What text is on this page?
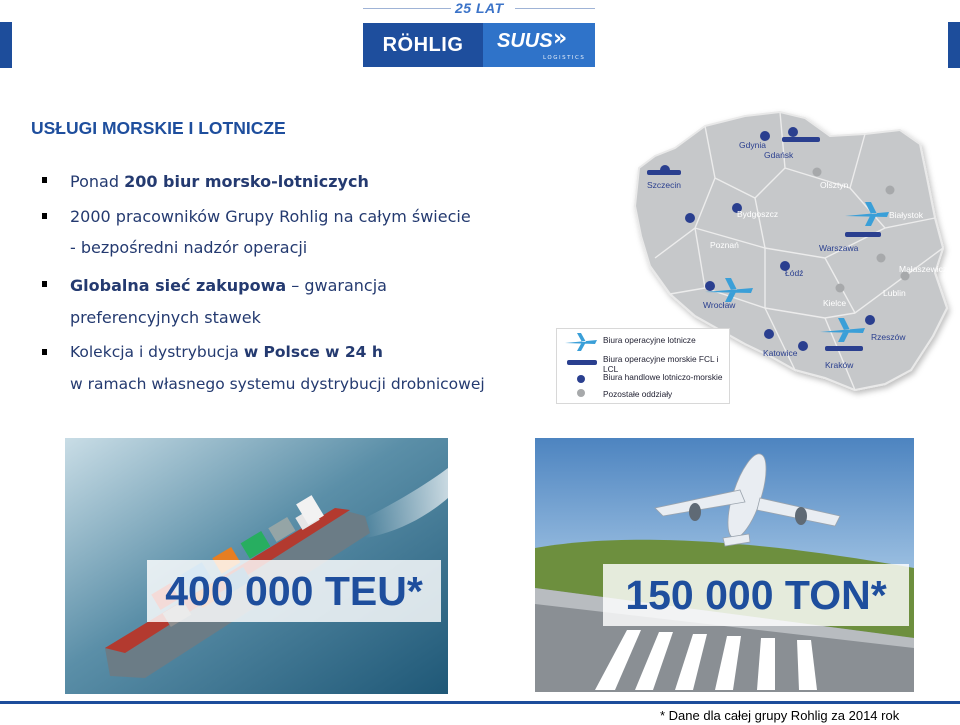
25 LAT
RÖHLIG	SUUS »
LOGISTICS
USŁUGI MORSKIE I LOTNICZE
Ponad 200 biur morsko-lotniczych
2000 pracowników Grupy Rohlig na całym świecie
- bezpośredni nadzór operacji
Globalna sieć zakupowa – gwarancja
preferencyjnych stawek
Kolekcja i dystrybucja w Polsce w 24 h
w ramach własnego systemu dystrybucji drobnicowej
Gdynia
Gdańsk
Szczecin	Olsztyn
Bydgoszcz	Białystok
Poznań	Warszawa
Łódź	Małaszewicze
Wrocław	Kielce
Lublin
Rzeszów
Katowice
Kraków
Biura operacyjne lotnicze
Biura operacyjne morskie FCL i LCL
Biura handlowe lotniczo-morskie
Pozostałe oddziały
400 000 TEU*	150 000 TON*
* Dane dla całej grupy Rohlig za 2014 rok
